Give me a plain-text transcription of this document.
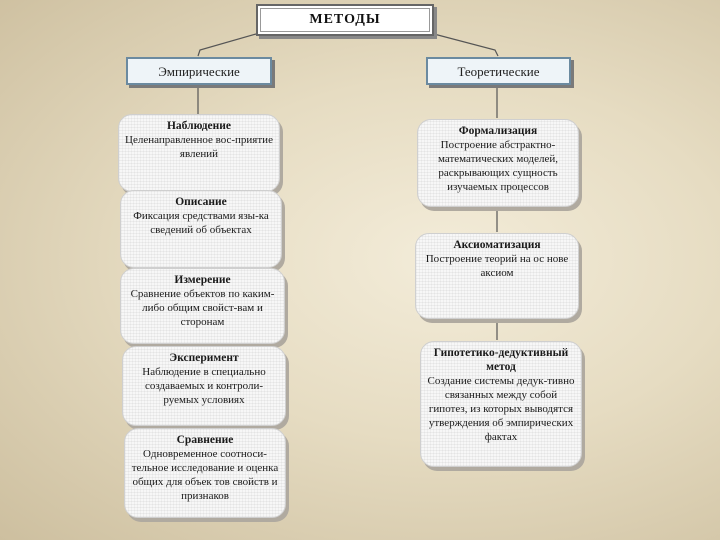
МЕТОДЫ
Эмпирические	Теоретические
Наблюдение
Целенаправленное вос-приятие явлений
Описание
Фиксация средствами язы-ка сведений об объектах
Измерение
Сравнение объектов по каким-либо общим свойст-вам и сторонам
Эксперимент
Наблюдение в специально создаваемых и контроли-руемых условиях
Сравнение
Одновременное соотноси-тельное исследование и оценка общих для объек тов свойств и признаков
Формализация
Построение абстрактно-математических моделей, раскрывающих сущность изучаемых процессов
Аксиоматизация
Построение теорий на ос нове аксиом
Гипотетико-дедуктивный метод
Создание системы дедук-тивно связанных между собой гипотез, из которых выводятся утверждения об эмпирических фактах
